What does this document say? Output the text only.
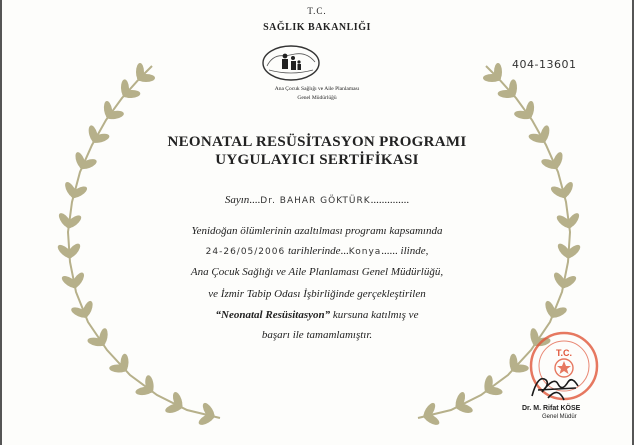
T.C.
SAĞLIK BAKANLIĞI
Ana Çocuk Sağlığı ve Aile Planlaması
Genel Müdürlüğü
404-13601
NEONATAL RESÜSİTASYON PROGRAMI
UYGULAYICI SERTİFİKASI
Sayın....Dr. BAHAR GÖKTÜRK..............
Yenidoğan ölümlerinin azaltılması programı kapsamında
24-26/05/2006 tarihlerinde...Konya...... ilinde,
Ana Çocuk Sağlığı ve Aile Planlaması Genel Müdürlüğü,
ve İzmir Tabip Odası İşbirliğinde gerçekleştirilen
“Neonatal Resüsitasyon” kursuna katılmış ve
başarı ile tamamlamıştır.
T.C.
Dr. M. Rifat KÖSE
Genel Müdür
